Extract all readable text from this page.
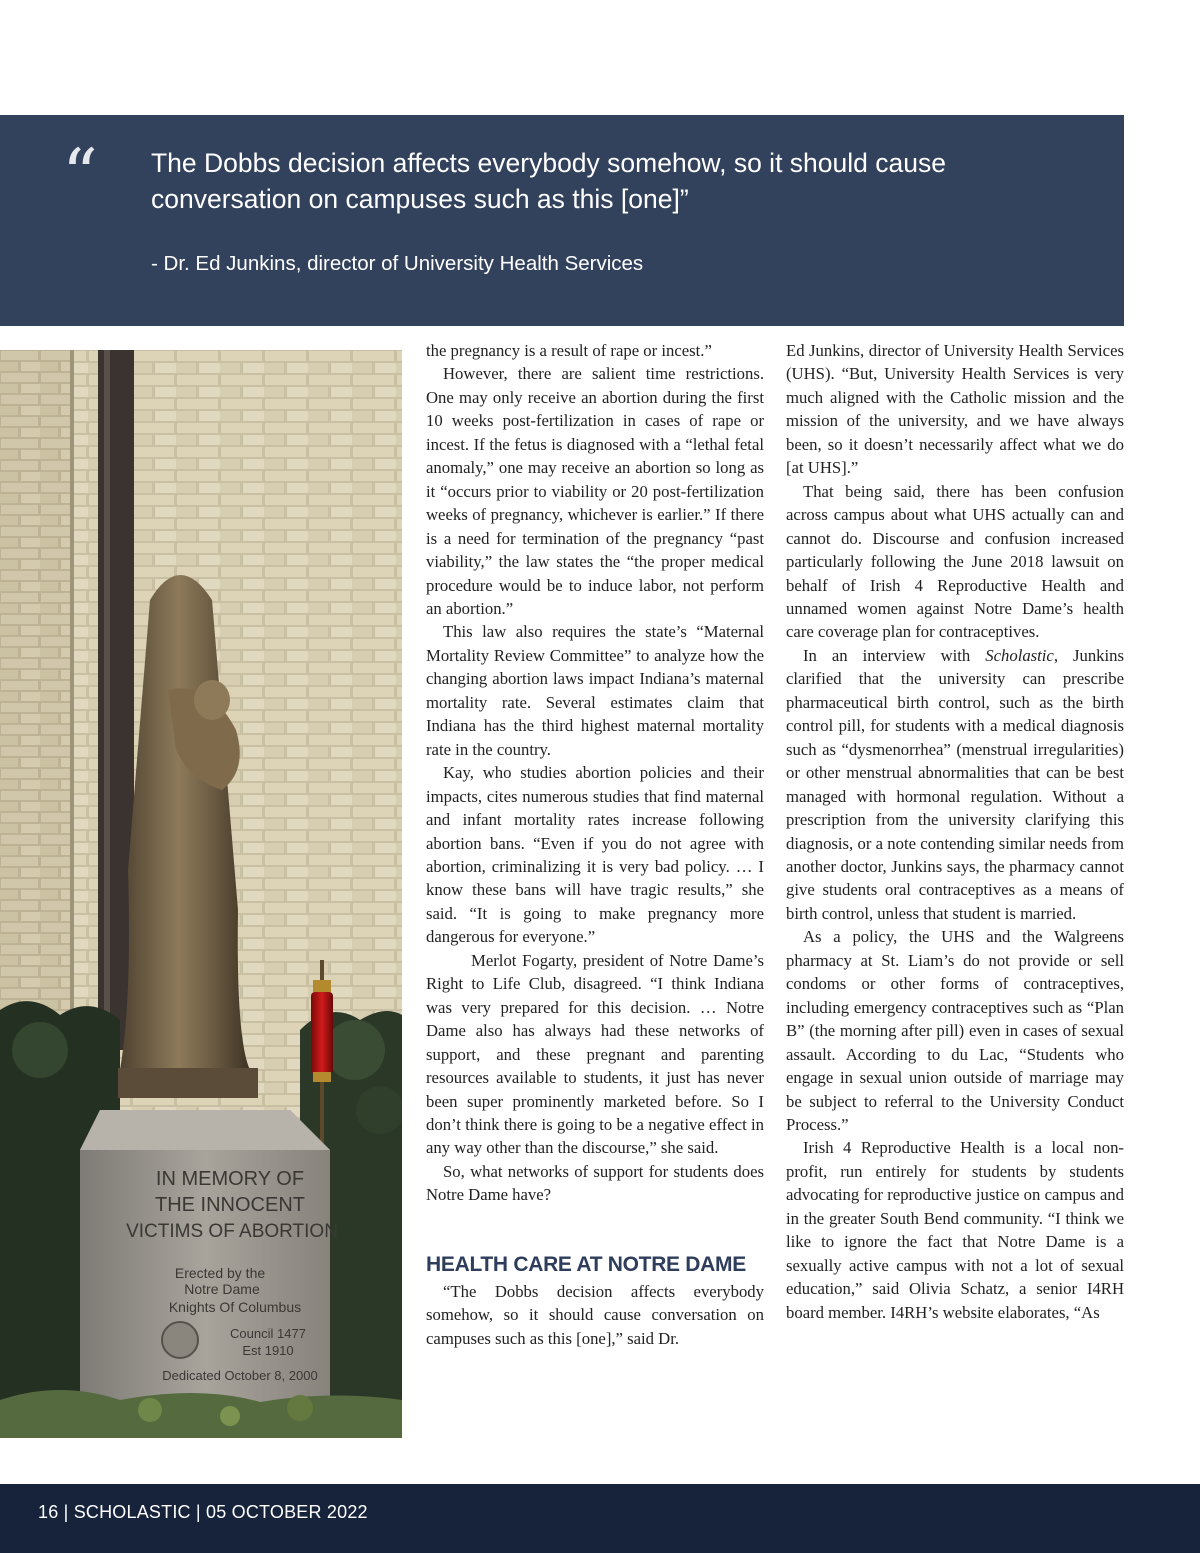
“ The Dobbs decision affects everybody somehow, so it should cause conversation on campuses such as this [one]”

- Dr. Ed Junkins, director of University Health Services

IN MEMORY OF
THE INNOCENT
VICTIMS OF ABORTION
Erected by the
Notre Dame
Knights Of Columbus
Council 1477
Est 1910
Dedicated October 8, 2000

the pregnancy is a result of rape or incest.”

However, there are salient time restrictions. One may only receive an abortion during the first 10 weeks post-fertilization in cases of rape or incest. If the fetus is diagnosed with a “lethal fetal anomaly,” one may receive an abortion so long as it “occurs prior to viability or 20 post-fertilization weeks of pregnancy, whichever is earlier.” If there is a need for termination of the pregnancy “past viability,” the law states the “the proper medical procedure would be to induce labor, not perform an abortion.”

This law also requires the state’s “Maternal Mortality Review Committee” to analyze how the changing abortion laws impact Indiana’s maternal mortality rate. Several estimates claim that Indiana has the third highest maternal mortality rate in the country.

Kay, who studies abortion policies and their impacts, cites numerous studies that find maternal and infant mortality rates increase following abortion bans. “Even if you do not agree with abortion, criminalizing it is very bad policy. … I know these bans will have tragic results,” she said. “It is going to make pregnancy more dangerous for everyone.”

Merlot Fogarty, president of Notre Dame’s Right to Life Club, disagreed. “I think Indiana was very prepared for this decision. … Notre Dame also has always had these networks of support, and these pregnant and parenting resources available to students, it just has never been super prominently marketed before. So I don’t think there is going to be a negative effect in any way other than the discourse,” she said.

So, what networks of support for students does Notre Dame have?

HEALTH CARE AT NOTRE DAME

“The Dobbs decision affects everybody somehow, so it should cause conversation on campuses such as this [one],” said Dr.

Ed Junkins, director of University Health Services (UHS). “But, University Health Services is very much aligned with the Catholic mission and the mission of the university, and we have always been, so it doesn’t necessarily affect what we do [at UHS].”

That being said, there has been confusion across campus about what UHS actually can and cannot do. Discourse and confusion increased particularly following the June 2018 lawsuit on behalf of Irish 4 Reproductive Health and unnamed women against Notre Dame’s health care coverage plan for contraceptives.

In an interview with Scholastic, Junkins clarified that the university can prescribe pharmaceutical birth control, such as the birth control pill, for students with a medical diagnosis such as “dysmenorrhea” (menstrual irregularities) or other menstrual abnormalities that can be best managed with hormonal regulation. Without a prescription from the university clarifying this diagnosis, or a note contending similar needs from another doctor, Junkins says, the pharmacy cannot give students oral contraceptives as a means of birth control, unless that student is married.

As a policy, the UHS and the Walgreens pharmacy at St. Liam’s do not provide or sell condoms or other forms of contraceptives, including emergency contraceptives such as “Plan B” (the morning after pill) even in cases of sexual assault. According to du Lac, “Students who engage in sexual union outside of marriage may be subject to referral to the University Conduct Process.”

Irish 4 Reproductive Health is a local non-profit, run entirely for students by students advocating for reproductive justice on campus and in the greater South Bend community. “I think we like to ignore the fact that Notre Dame is a sexually active campus with not a lot of sexual education,” said Olivia Schatz, a senior I4RH board member. I4RH’s website elaborates, “As

16 | SCHOLASTIC | 05 OCTOBER 2022
